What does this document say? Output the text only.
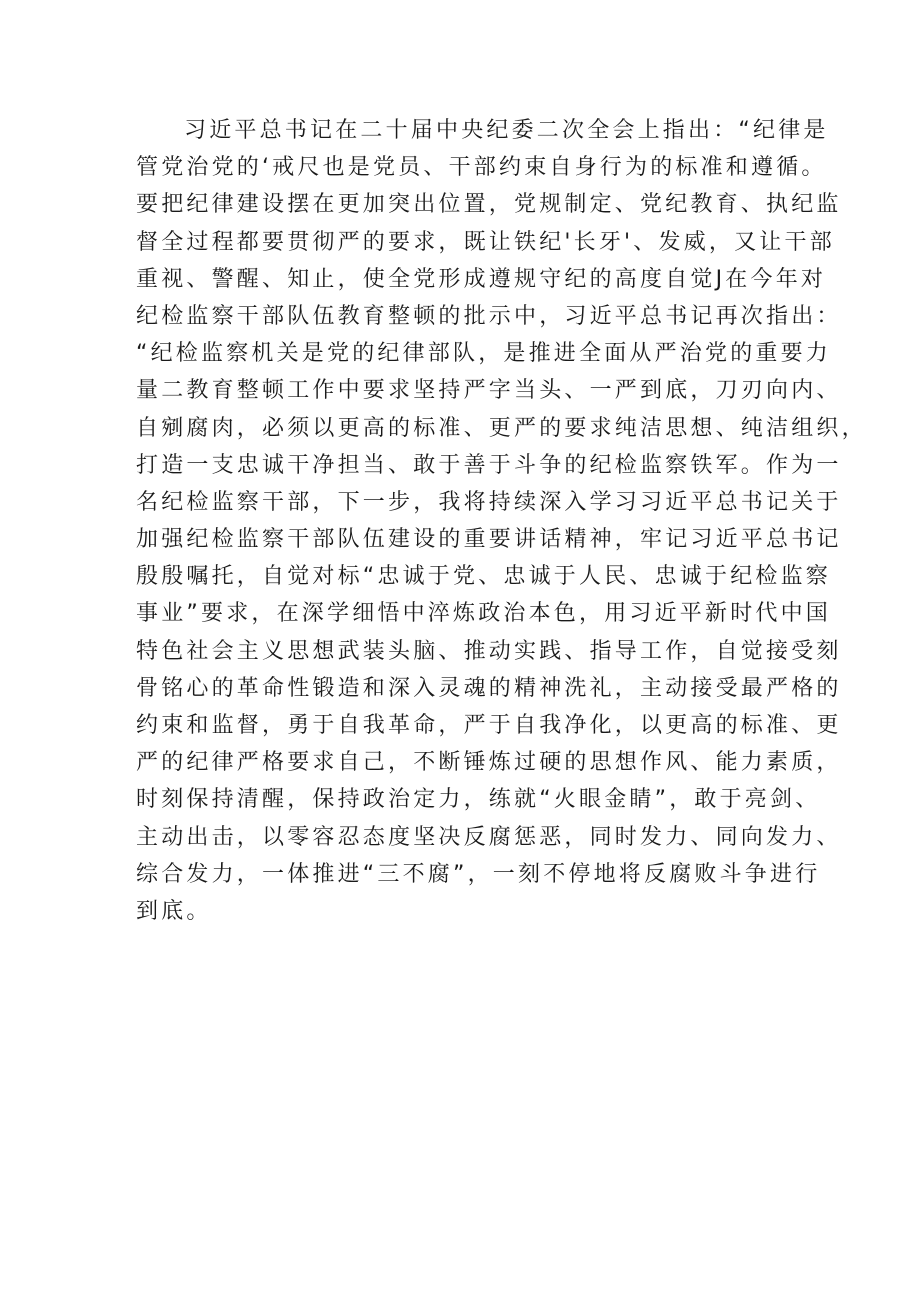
习近平总书记在二十届中央纪委二次全会上指出：“纪律是
管党治党的‘戒尺也是党员、干部约束自身行为的标准和遵循。
要把纪律建设摆在更加突出位置，党规制定、党纪教育、执纪监
督全过程都要贯彻严的要求，既让铁纪'长牙'、发威，又让干部
重视、警醒、知止，使全党形成遵规守纪的高度自觉J在今年对
纪检监察干部队伍教育整顿的批示中，习近平总书记再次指出：
“纪检监察机关是党的纪律部队，是推进全面从严治党的重要力
量二教育整顿工作中要求坚持严字当头、一严到底，刀刃向内、
自剜腐肉，必须以更高的标准、更严的要求纯洁思想、纯洁组织，
打造一支忠诚干净担当、敢于善于斗争的纪检监察铁军。作为一
名纪检监察干部，下一步，我将持续深入学习习近平总书记关于
加强纪检监察干部队伍建设的重要讲话精神，牢记习近平总书记
殷殷嘱托，自觉对标“忠诚于党、忠诚于人民、忠诚于纪检监察
事业”要求，在深学细悟中淬炼政治本色，用习近平新时代中国
特色社会主义思想武装头脑、推动实践、指导工作，自觉接受刻
骨铭心的革命性锻造和深入灵魂的精神洗礼，主动接受最严格的
约束和监督，勇于自我革命，严于自我净化，以更高的标准、更
严的纪律严格要求自己，不断锤炼过硬的思想作风、能力素质，
时刻保持清醒，保持政治定力，练就“火眼金睛”，敢于亮剑、
主动出击，以零容忍态度坚决反腐惩恶，同时发力、同向发力、
综合发力，一体推进“三不腐”，一刻不停地将反腐败斗争进行
到底。
